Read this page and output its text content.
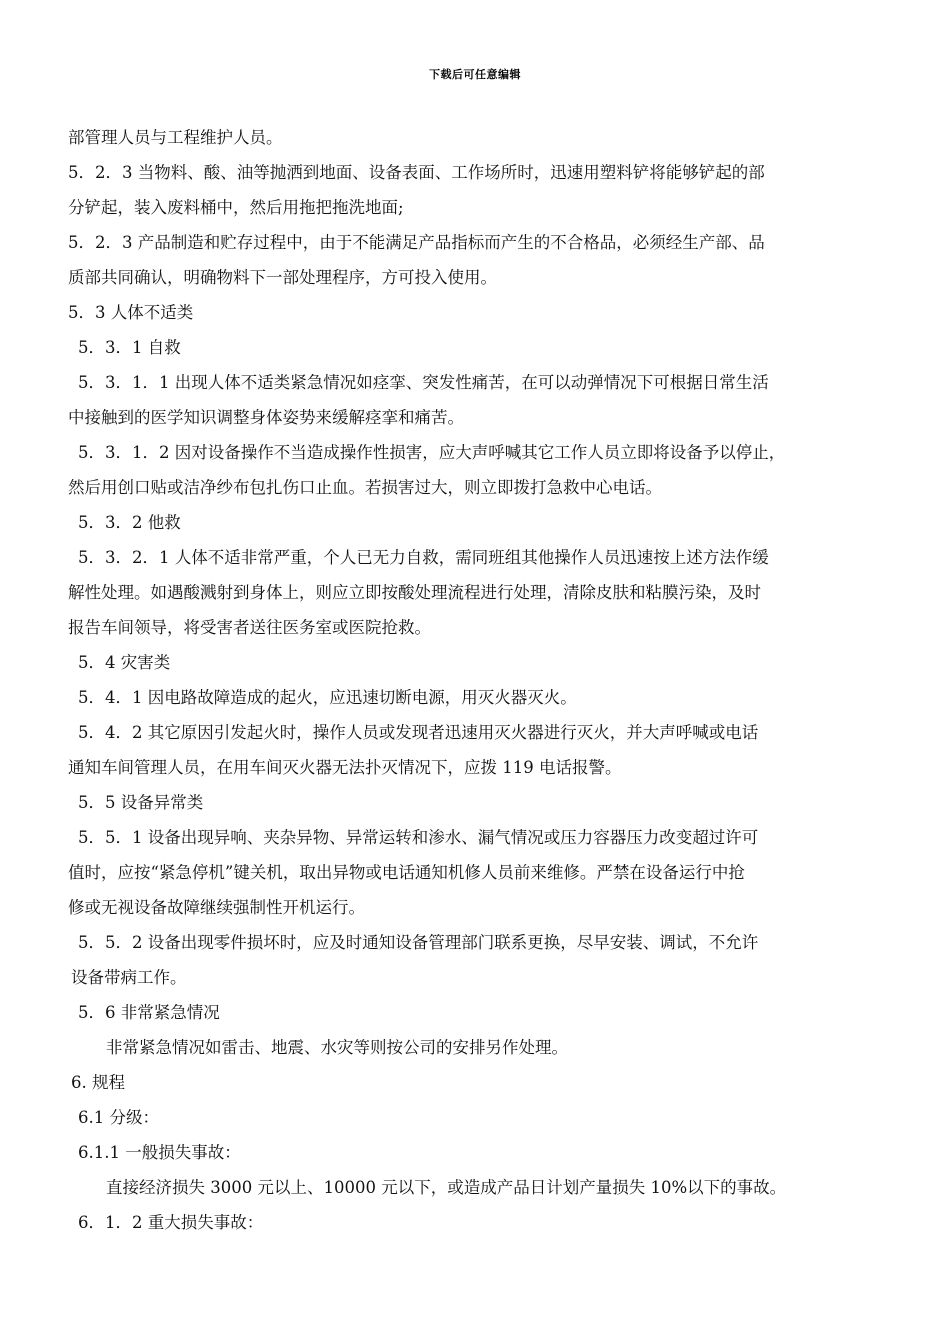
下载后可任意编辑
部管理人员与工程维护人员。
5．2．3 当物料、酸、油等抛洒到地面、设备表面、工作场所时，迅速用塑料铲将能够铲起的部
分铲起，装入废料桶中，然后用拖把拖洗地面;
5．2．3 产品制造和贮存过程中，由于不能满足产品指标而产生的不合格品，必须经生产部、品
质部共同确认，明确物料下一部处理程序，方可投入使用。
5．3 人体不适类
5．3．1 自救
5．3．1．1 出现人体不适类紧急情况如痉挛、突发性痛苦，在可以动弹情况下可根据日常生活
中接触到的医学知识调整身体姿势来缓解痉挛和痛苦。
5．3．1．2 因对设备操作不当造成操作性损害，应大声呼喊其它工作人员立即将设备予以停止，
然后用创口贴或洁净纱布包扎伤口止血。若损害过大，则立即拨打急救中心电话。
5．3．2 他救
5．3．2．1 人体不适非常严重，个人已无力自救，需同班组其他操作人员迅速按上述方法作缓
解性处理。如遇酸溅射到身体上，则应立即按酸处理流程进行处理，清除皮肤和粘膜污染，及时
报告车间领导，将受害者送往医务室或医院抢救。
5．4 灾害类
5．4．1 因电路故障造成的起火，应迅速切断电源，用灭火器灭火。
5．4．2 其它原因引发起火时，操作人员或发现者迅速用灭火器进行灭火，并大声呼喊或电话
通知车间管理人员，在用车间灭火器无法扑灭情况下，应拨 119 电话报警。
5．5 设备异常类
5．5．1 设备出现异响、夹杂异物、异常运转和渗水、漏气情况或压力容器压力改变超过许可
值时，应按“紧急停机”键关机，取出异物或电话通知机修人员前来维修。严禁在设备运行中抢
修或无视设备故障继续强制性开机运行。
5．5．2 设备出现零件损坏时，应及时通知设备管理部门联系更换，尽早安装、调试，不允许
设备带病工作。
5．6 非常紧急情况
非常紧急情况如雷击、地震、水灾等则按公司的安排另作处理。
6. 规程
6.1 分级：
6.1.1 一般损失事故：
直接经济损失 3000 元以上、10000 元以下，或造成产品日计划产量损失 10%以下的事故。
6．1．2 重大损失事故：
